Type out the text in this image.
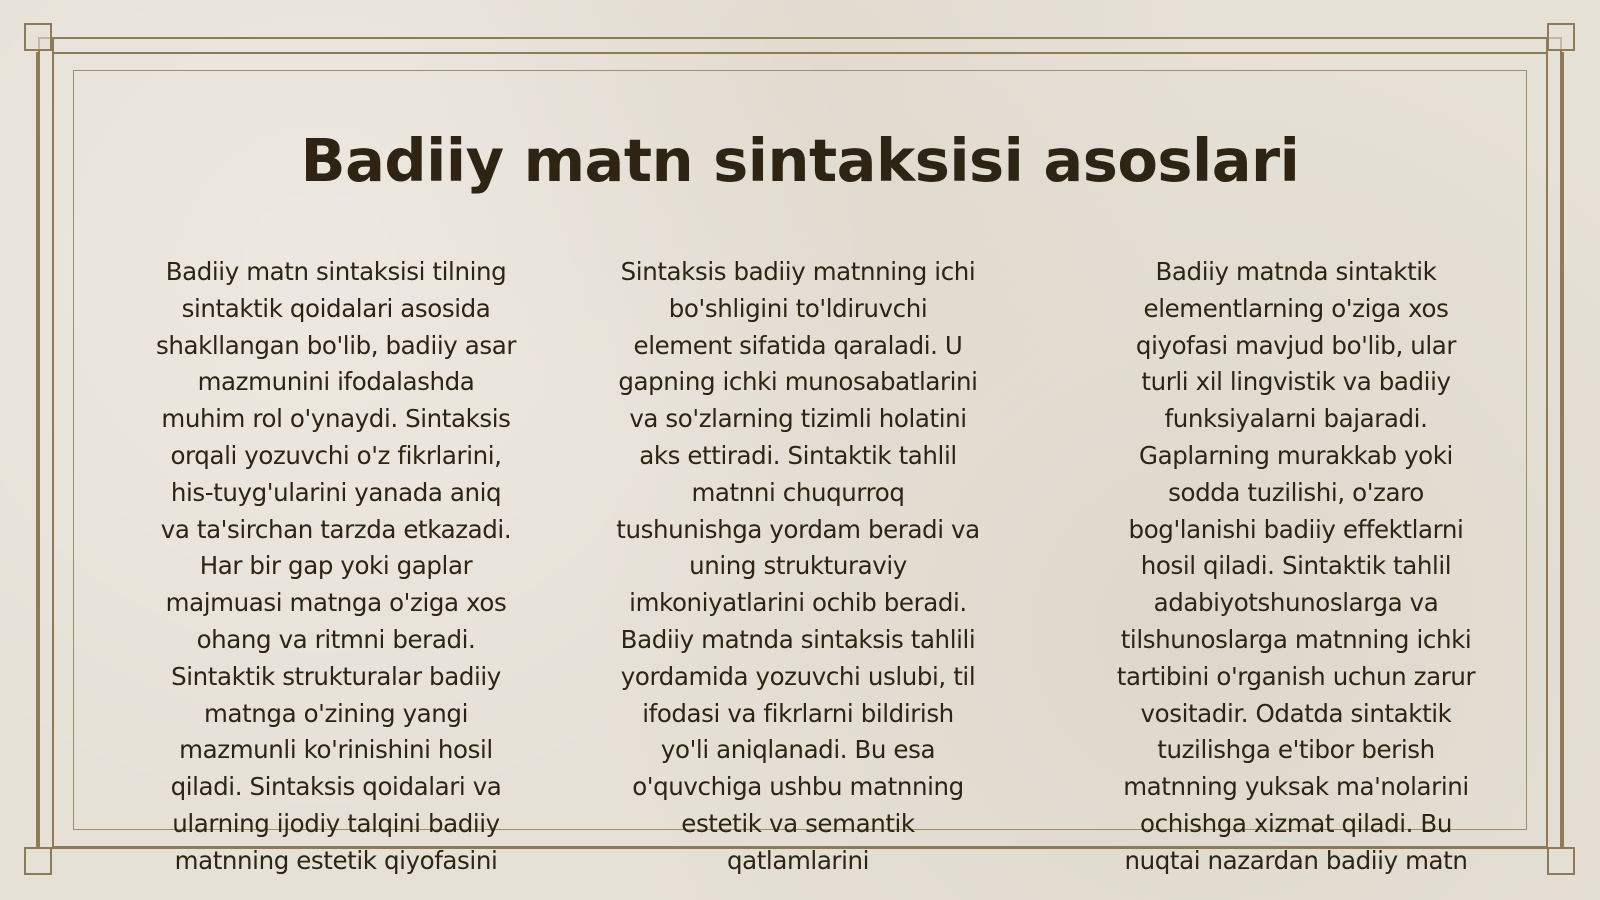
Badiiy matn sintaksisi asoslari

Badiiy matn sintaksisi tilning sintaktik qoidalari asosida shakllangan bo'lib, badiiy asar mazmunini ifodalashda muhim rol o'ynaydi. Sintaksis orqali yozuvchi o'z fikrlarini, his-tuyg'ularini yanada aniq va ta'sirchan tarzda etkazadi. Har bir gap yoki gaplar majmuasi matnga o'ziga xos ohang va ritmni beradi. Sintaktik strukturalar badiiy matnga o'zining yangi mazmunli ko'rinishini hosil qiladi. Sintaksis qoidalari va ularning ijodiy talqini badiiy matnning estetik qiyofasini

Sintaksis badiiy matnning ichi bo'shligini to'ldiruvchi element sifatida qaraladi. U gapning ichki munosabatlarini va so'zlarning tizimli holatini aks ettiradi. Sintaktik tahlil matnni chuqurroq tushunishga yordam beradi va uning strukturaviy imkoniyatlarini ochib beradi. Badiiy matnda sintaksis tahlili yordamida yozuvchi uslubi, til ifodasi va fikrlarni bildirish yo'li aniqlanadi. Bu esa o'quvchiga ushbu matnning estetik va semantik qatlamlarini

Badiiy matnda sintaktik elementlarning o'ziga xos qiyofasi mavjud bo'lib, ular turli xil lingvistik va badiiy funksiyalarni bajaradi. Gaplarning murakkab yoki sodda tuzilishi, o'zaro bog'lanishi badiiy effektlarni hosil qiladi. Sintaktik tahlil adabiyotshunoslarga va tilshunoslarga matnning ichki tartibini o'rganish uchun zarur vositadir. Odatda sintaktik tuzilishga e'tibor berish matnning yuksak ma'nolarini ochishga xizmat qiladi. Bu nuqtai nazardan badiiy matn
